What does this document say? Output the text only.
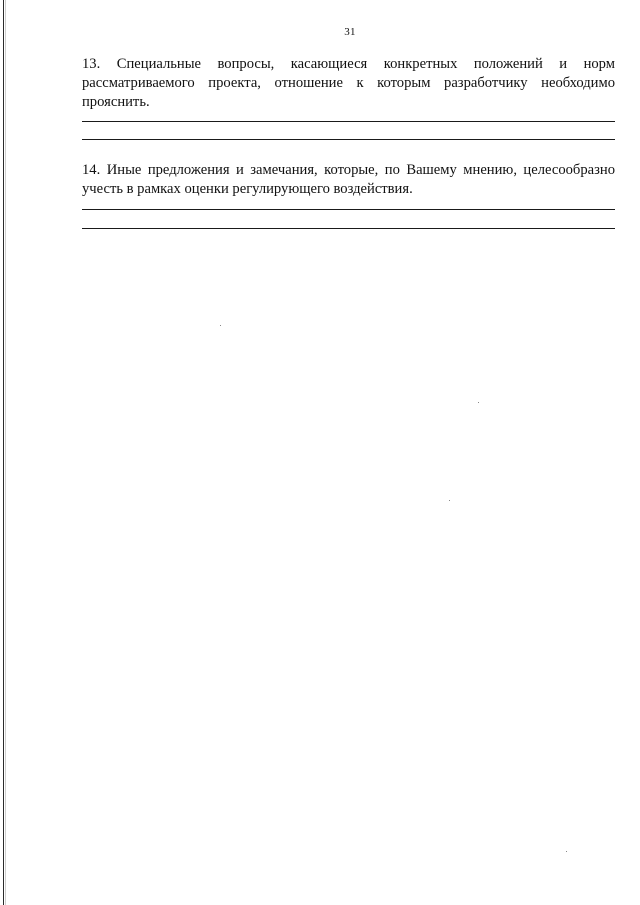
31

13. Специальные вопросы, касающиеся конкретных положений и норм рассматриваемого проекта, отношение к которым разработчику необходимо прояснить.

14. Иные предложения и замечания, которые, по Вашему мнению, целесообразно учесть в рамках оценки регулирующего воздействия.
